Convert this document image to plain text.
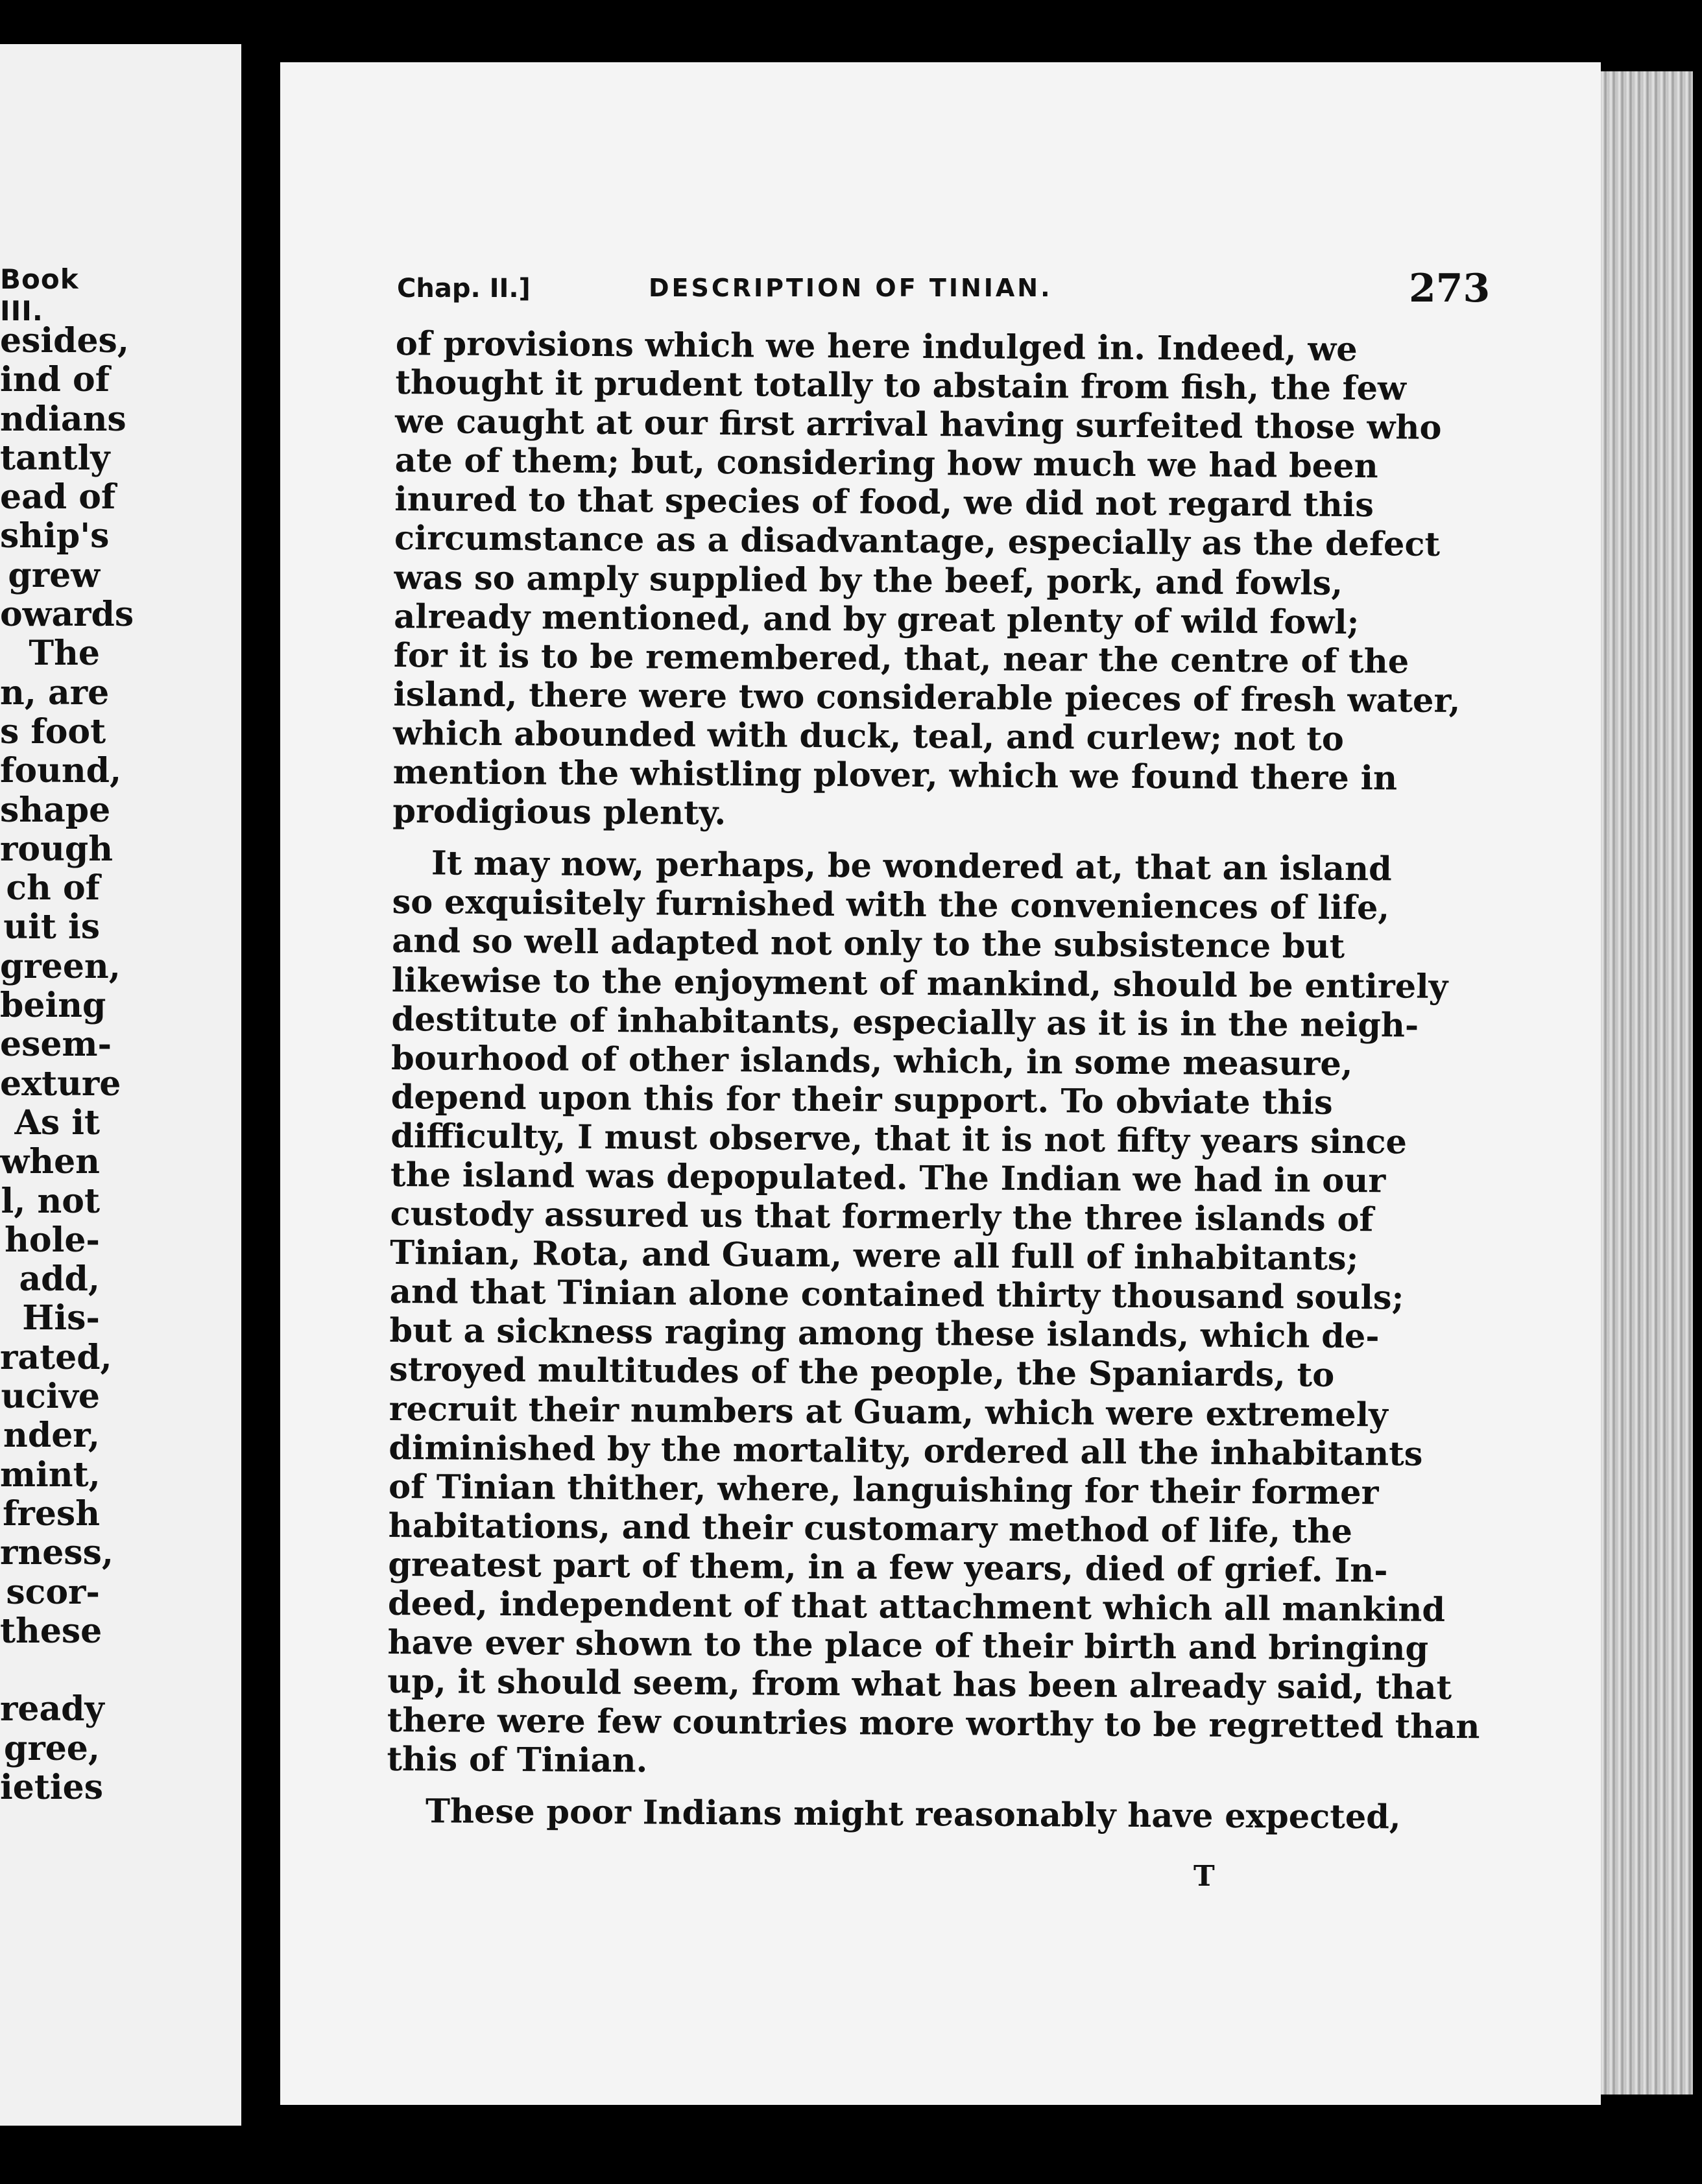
Book III.
esides,
ind of
ndians
tantly
ead of
ship's
grew
owards
The
n, are
s foot
found,
shape
rough
ch of
uit is
green,
being
esem-
exture
As it
when
l, not
hole-
add,
His-
rated,
ucive
nder,
mint,
fresh
rness,
scor-
these
ready
gree,
ieties
Chap. II.]	DESCRIPTION OF TINIAN.	273
of provisions which we here indulged in. Indeed, we
thought it prudent totally to abstain from fish, the few
we caught at our first arrival having surfeited those who
ate of them; but, considering how much we had been
inured to that species of food, we did not regard this
circumstance as a disadvantage, especially as the defect
was so amply supplied by the beef, pork, and fowls,
already mentioned, and by great plenty of wild fowl;
for it is to be remembered, that, near the centre of the
island, there were two considerable pieces of fresh water,
which abounded with duck, teal, and curlew; not to
mention the whistling plover, which we found there in
prodigious plenty.
It may now, perhaps, be wondered at, that an island
so exquisitely furnished with the conveniences of life,
and so well adapted not only to the subsistence but
likewise to the enjoyment of mankind, should be entirely
destitute of inhabitants, especially as it is in the neigh-
bourhood of other islands, which, in some measure,
depend upon this for their support. To obviate this
difficulty, I must observe, that it is not fifty years since
the island was depopulated. The Indian we had in our
custody assured us that formerly the three islands of
Tinian, Rota, and Guam, were all full of inhabitants;
and that Tinian alone contained thirty thousand souls;
but a sickness raging among these islands, which de-
stroyed multitudes of the people, the Spaniards, to
recruit their numbers at Guam, which were extremely
diminished by the mortality, ordered all the inhabitants
of Tinian thither, where, languishing for their former
habitations, and their customary method of life, the
greatest part of them, in a few years, died of grief. In-
deed, independent of that attachment which all mankind
have ever shown to the place of their birth and bringing
up, it should seem, from what has been already said, that
there were few countries more worthy to be regretted than
this of Tinian.
These poor Indians might reasonably have expected,
T
